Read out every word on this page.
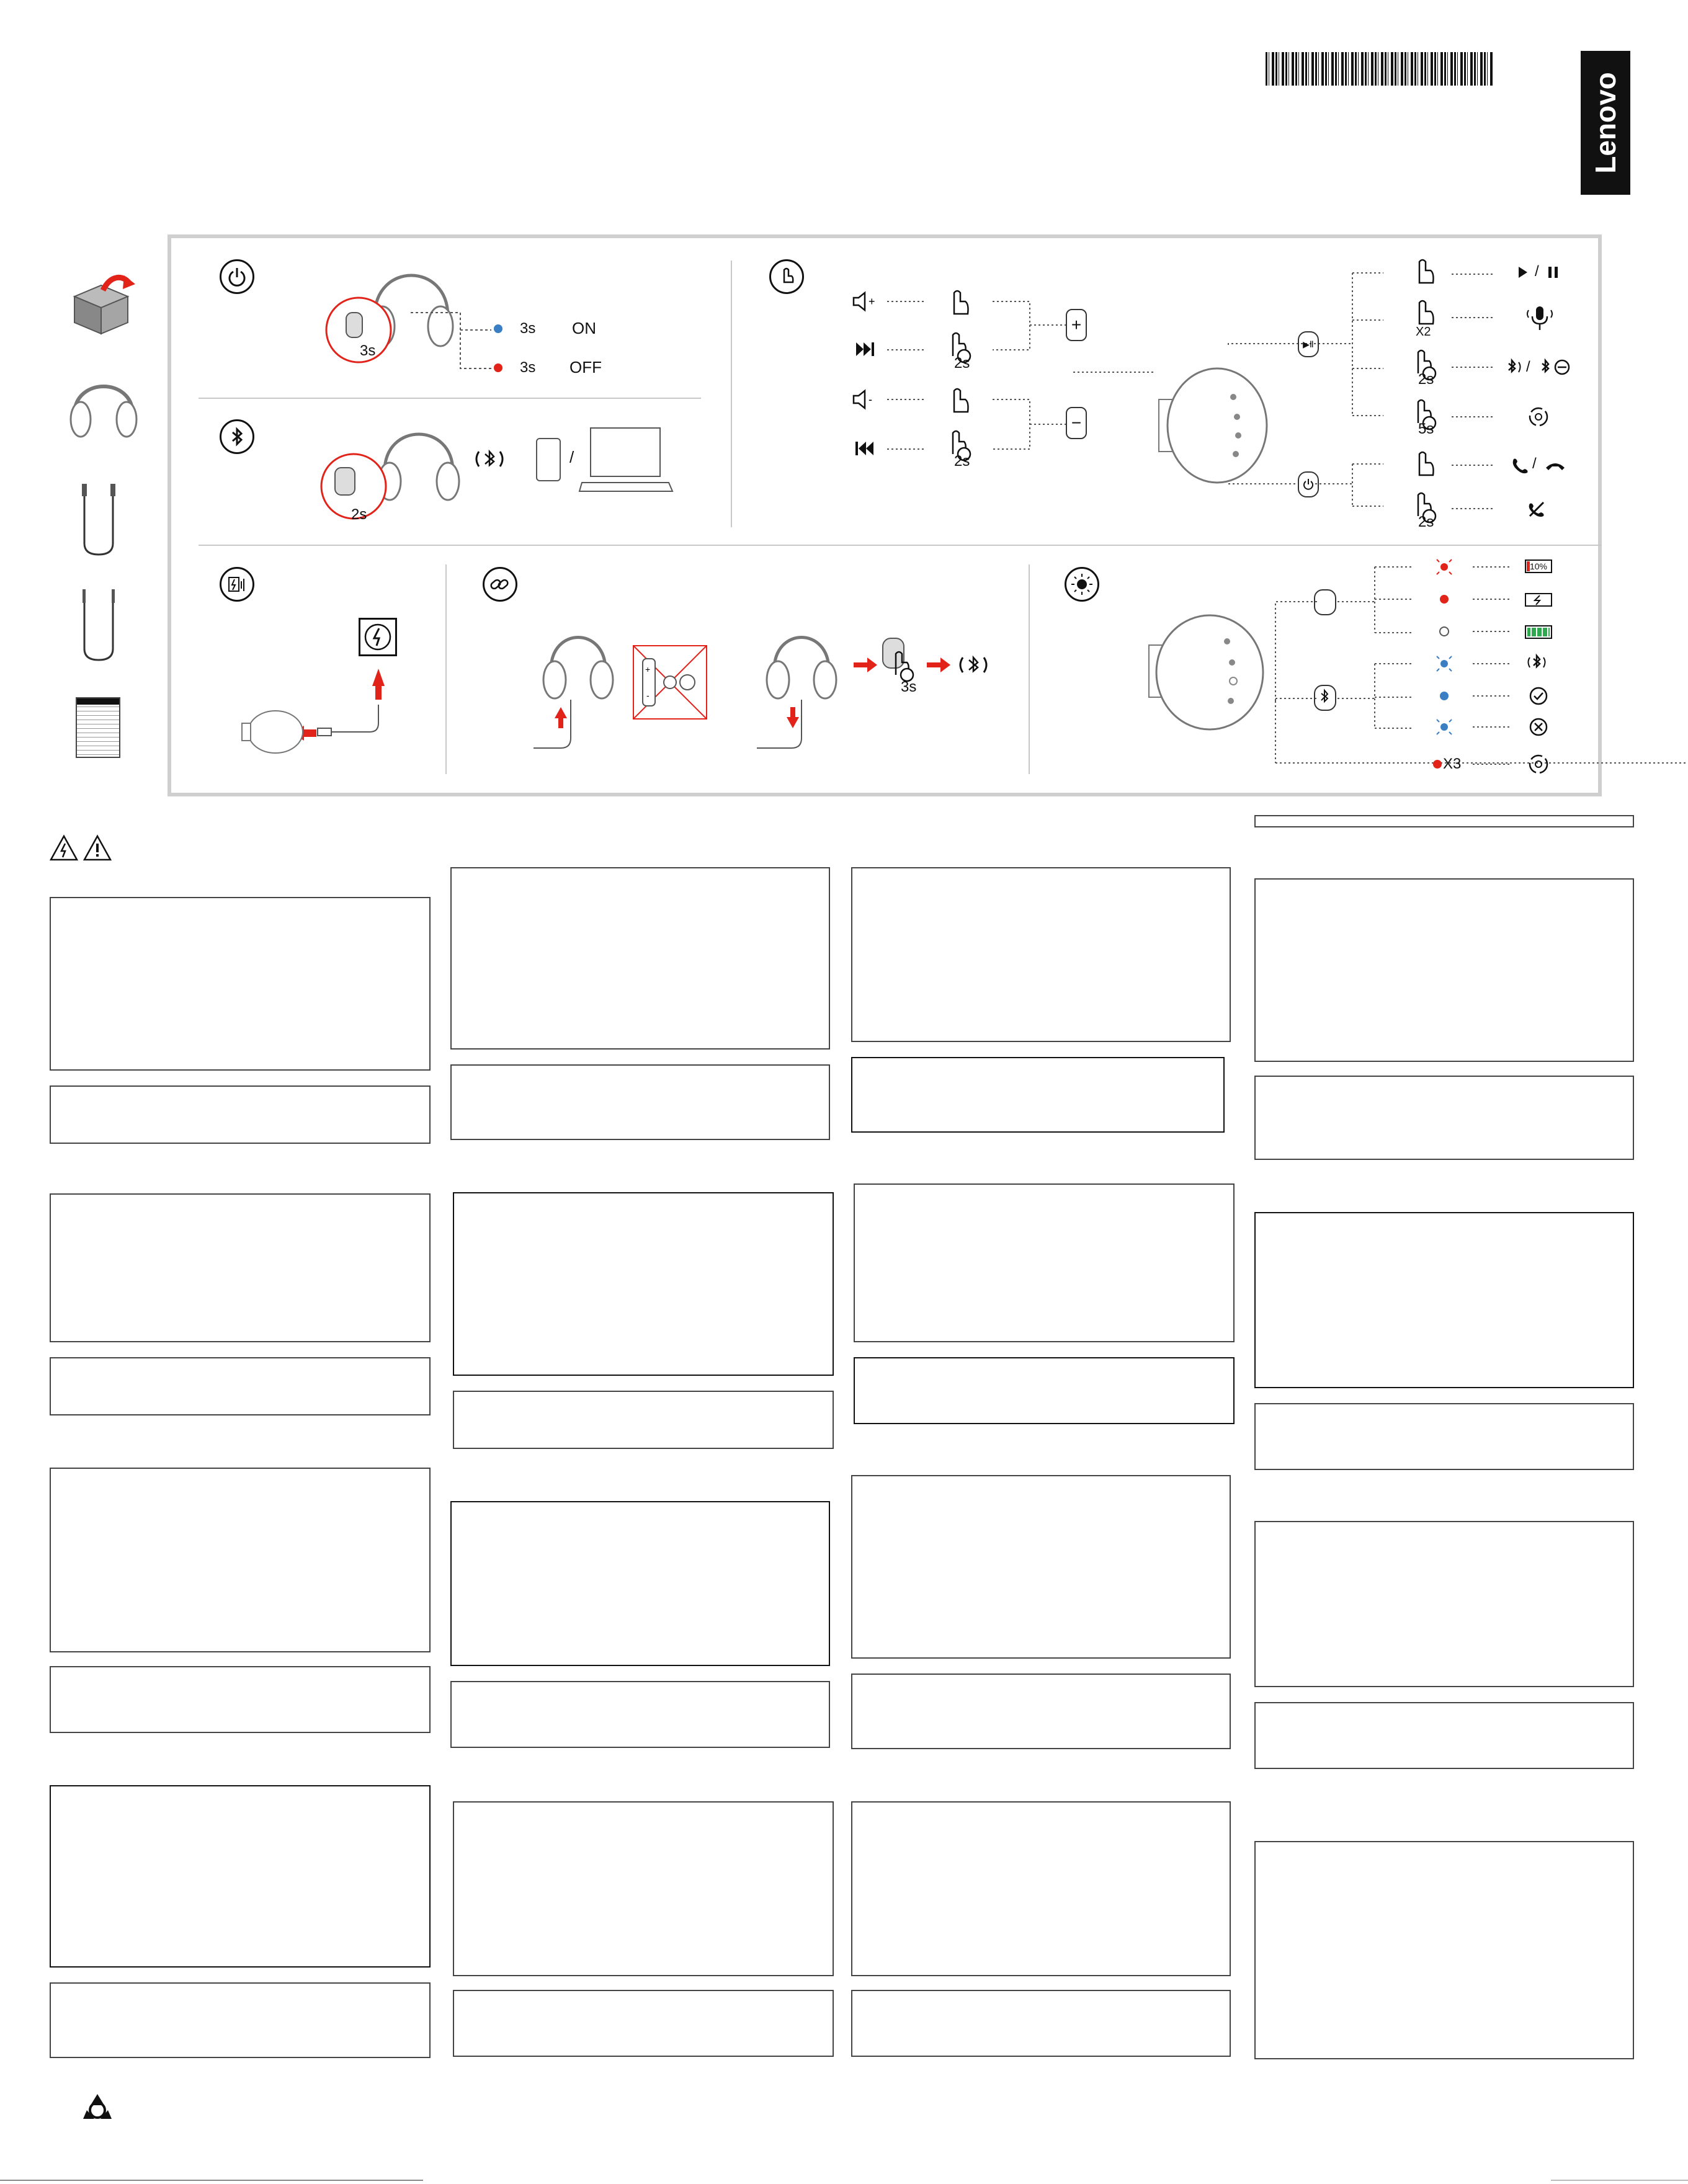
Lenovo
3s
3s ON
3s OFF
2s
/
+
-
2s
2s
+
−
▶Ⅱ
X2
2s
5s
2s
/
/
/
+
-	3s
X3
10%
